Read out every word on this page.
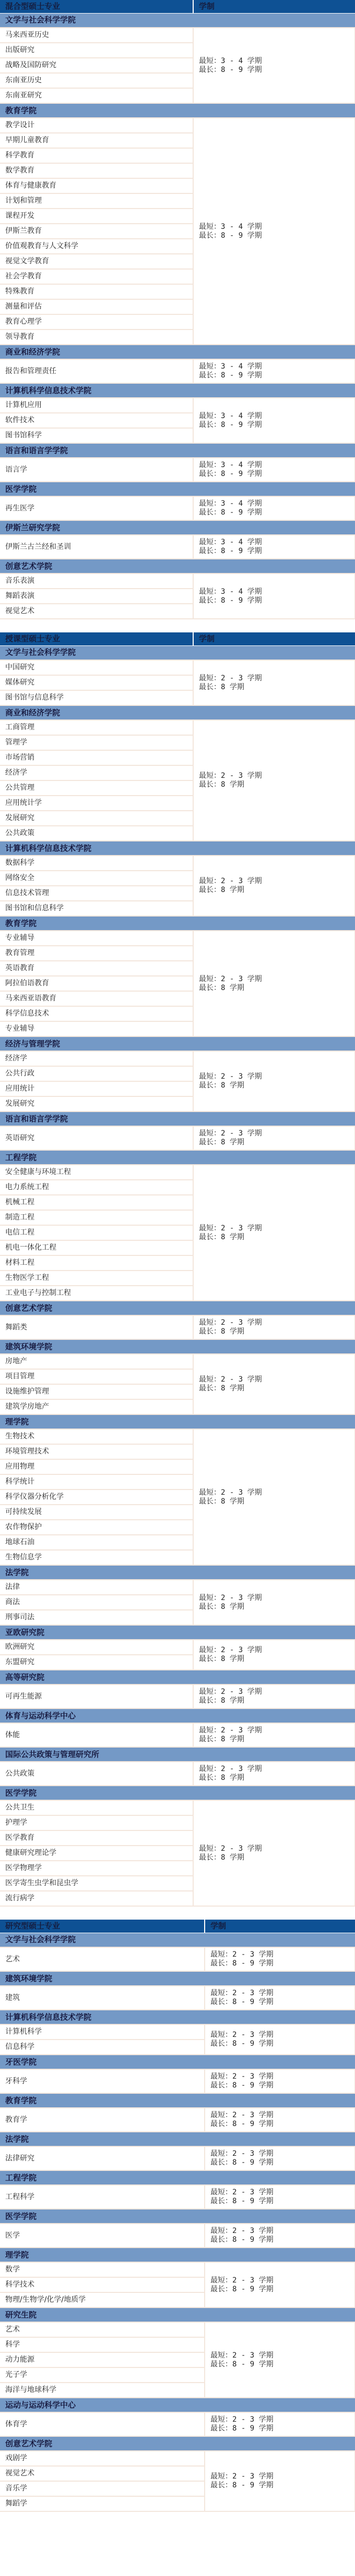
混合型硕士专业	学制
文学与社会科学学院	
马来西亚历史	最短：3 - 4 学期
最长：8 - 9 学期

出版研究	
战略及国防研究	
东南亚历史	
东南亚研究	
教育学院	
教学设计	最短：3 - 4 学期
最长：8 - 9 学期

早期儿童教育	
科学教育	
数学教育	
体育与健康教育	
计划和管理	
课程开发	
伊斯兰教育	
价值观教育与人文科学	
视觉文学教育	
社会学教育	
特殊教育	
测量和评估	
教育心理学	
领导教育	
商业和经济学院	
报告和管理责任	最短：3 - 4 学期
最长：8 - 9 学期

计算机科学信息技术学院	
计算机应用	最短：3 - 4 学期
最长：8 - 9 学期

软件技术	
图书馆科学	
语言和语言学学院	
语言学	最短：3 - 4 学期
最长：8 - 9 学期

医学学院	
再生医学	最短：3 - 4 学期
最长：8 - 9 学期

伊斯兰研究学院	
伊斯兰古兰经和圣训	最短：3 - 4 学期
最长：8 - 9 学期

创意艺术学院	
音乐表演	最短：3 - 4 学期
最长：8 - 9 学期

舞蹈表演	
视觉艺术	
授课型硕士专业	学制
文学与社会科学学院	
中国研究	最短：2 - 3 学期
最长：8 学期

媒体研究	
图书馆与信息科学	
商业和经济学院	
工商管理	最短：2 - 3 学期
最长：8 学期

管理学	
市场营销	
经济学	
公共管理	
应用统计学	
发展研究	
公共政策	
计算机科学信息技术学院	
数据科学	最短：2 - 3 学期
最长：8 学期

网络安全	
信息技术管理	
图书馆和信息科学	
教育学院	
专业辅导	最短：2 - 3 学期
最长：8 学期

教育管理	
英语教育	
阿拉伯语教育	
马来西亚语教育	
科学信息技术	
专业辅导	
经济与管理学院	
经济学	最短：2 - 3 学期
最长：8 学期

公共行政	
应用统计	
发展研究	
语言和语言学学院	
英语研究	最短：2 - 3 学期
最长：8 学期

工程学院	
安全健康与环境工程	最短：2 - 3 学期
最长：8 学期

电力系统工程	
机械工程	
制造工程	
电信工程	
机电一体化工程	
材料工程	
生物医学工程	
工业电子与控制工程	
创意艺术学院	
舞蹈类	最短：2 - 3 学期
最长：8 学期

建筑环境学院	
房地产	最短：2 - 3 学期
最长：8 学期

项目管理	
设施维护管理	
建筑学房地产	
理学院	
生物技术	最短：2 - 3 学期
最长：8 学期

环境管理技术	
应用物理	
科学统计	
科学仪器分析化学	
可持续发展	
农作物保护	
地球石油	
生物信息学	
法学院	
法律	最短：2 - 3 学期
最长：8 学期

商法	
刑事司法	
亚欧研究院	
欧洲研究	最短：2 - 3 学期
最长：8 学期

东盟研究	
高等研究院	
可再生能源	最短：2 - 3 学期
最长：8 学期

体育与运动科学中心	
体能	最短：2 - 3 学期
最长：8 学期

国际公共政策与管理研究所	
公共政策	最短：2 - 3 学期
最长：8 学期

医学学院	
公共卫生	最短：2 - 3 学期
最长：8 学期

护理学	
医学教育	
健康研究理论学	
医学物理学	
医学寄生虫学和昆虫学	
流行病学	
研究型硕士专业	学制
文学与社会科学学院	
艺术	最短：2 - 3 学期
最长：8 - 9 学期

建筑环境学院	
建筑	最短：2 - 3 学期
最长：8 - 9 学期

计算机科学信息技术学院	
计算机科学	最短：2 - 3 学期
最长：8 - 9 学期

信息科学	
牙医学院	
牙科学	最短：2 - 3 学期
最长：8 - 9 学期

教育学院	
教育学	最短：2 - 3 学期
最长：8 - 9 学期

法学院	
法律研究	最短：2 - 3 学期
最长：8 - 9 学期

工程学院	
工程科学	最短：2 - 3 学期
最长：8 - 9 学期

医学学院	
医学	最短：2 - 3 学期
最长：8 - 9 学期

理学院	
数学	最短：2 - 3 学期
最长：8 - 9 学期

科学技术	
物理/生物学/化学/地质学	
研究生院	
艺术	最短：2 - 3 学期
最长：8 - 9 学期

科学	
动力能源	
光子学	
海洋与地球科学	
运动与运动科学中心	
体育学	最短：2 - 3 学期
最长：8 - 9 学期

创意艺术学院	
戏剧学	最短：2 - 3 学期
最长：8 - 9 学期

视觉艺术	
音乐学	
舞蹈学	
